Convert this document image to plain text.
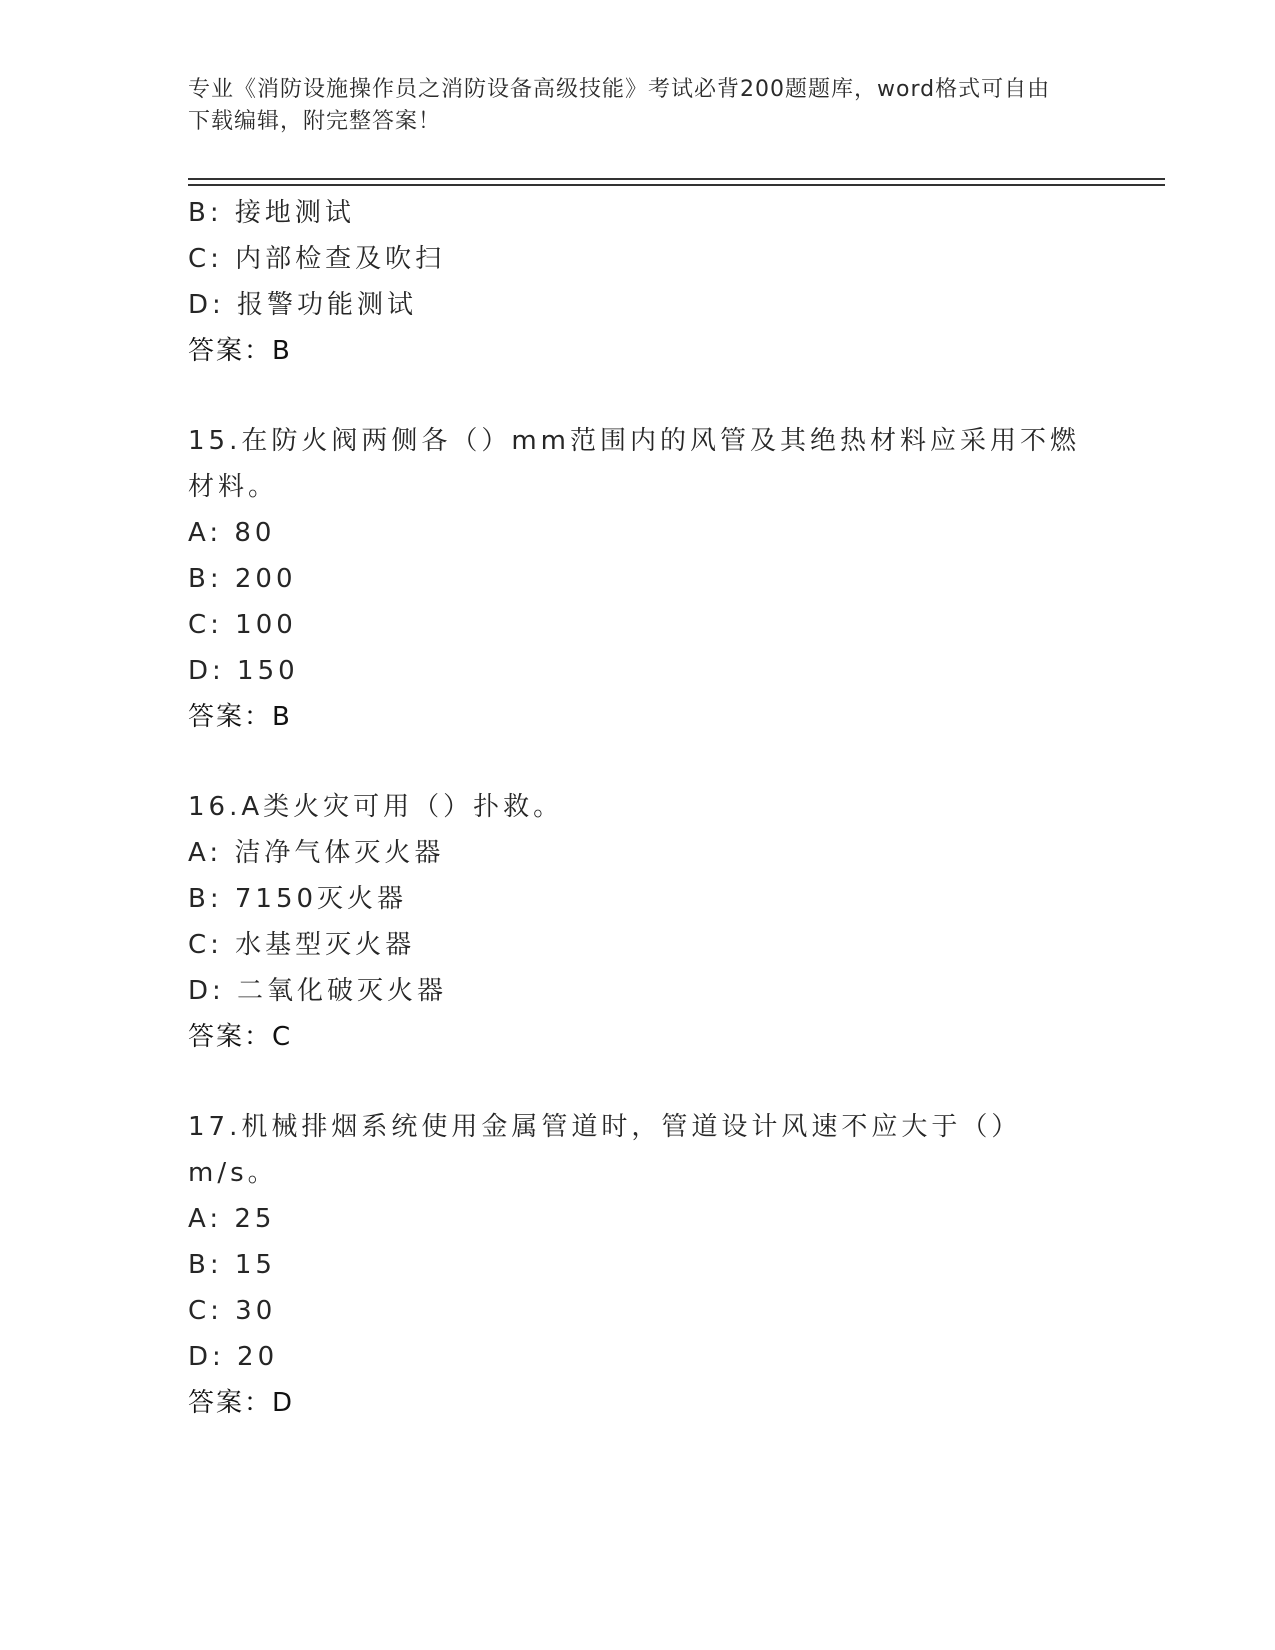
专业《消防设施操作员之消防设备高级技能》考试必背200题题库，word格式可自由下载编辑，附完整答案！
B: 接地测试
C: 内部检查及吹扫
D: 报警功能测试
答案：B
15.在防火阀两侧各（）mm范围内的风管及其绝热材料应采用不燃材料。
A: 80
B: 200
C: 100
D: 150
答案：B
16.A类火灾可用（）扑救。
A: 洁净气体灭火器
B: 7150灭火器
C: 水基型灭火器
D: 二氧化破灭火器
答案：C
17.机械排烟系统使用金属管道时，管道设计风速不应大于（）m/s。
A: 25
B: 15
C: 30
D: 20
答案：D
